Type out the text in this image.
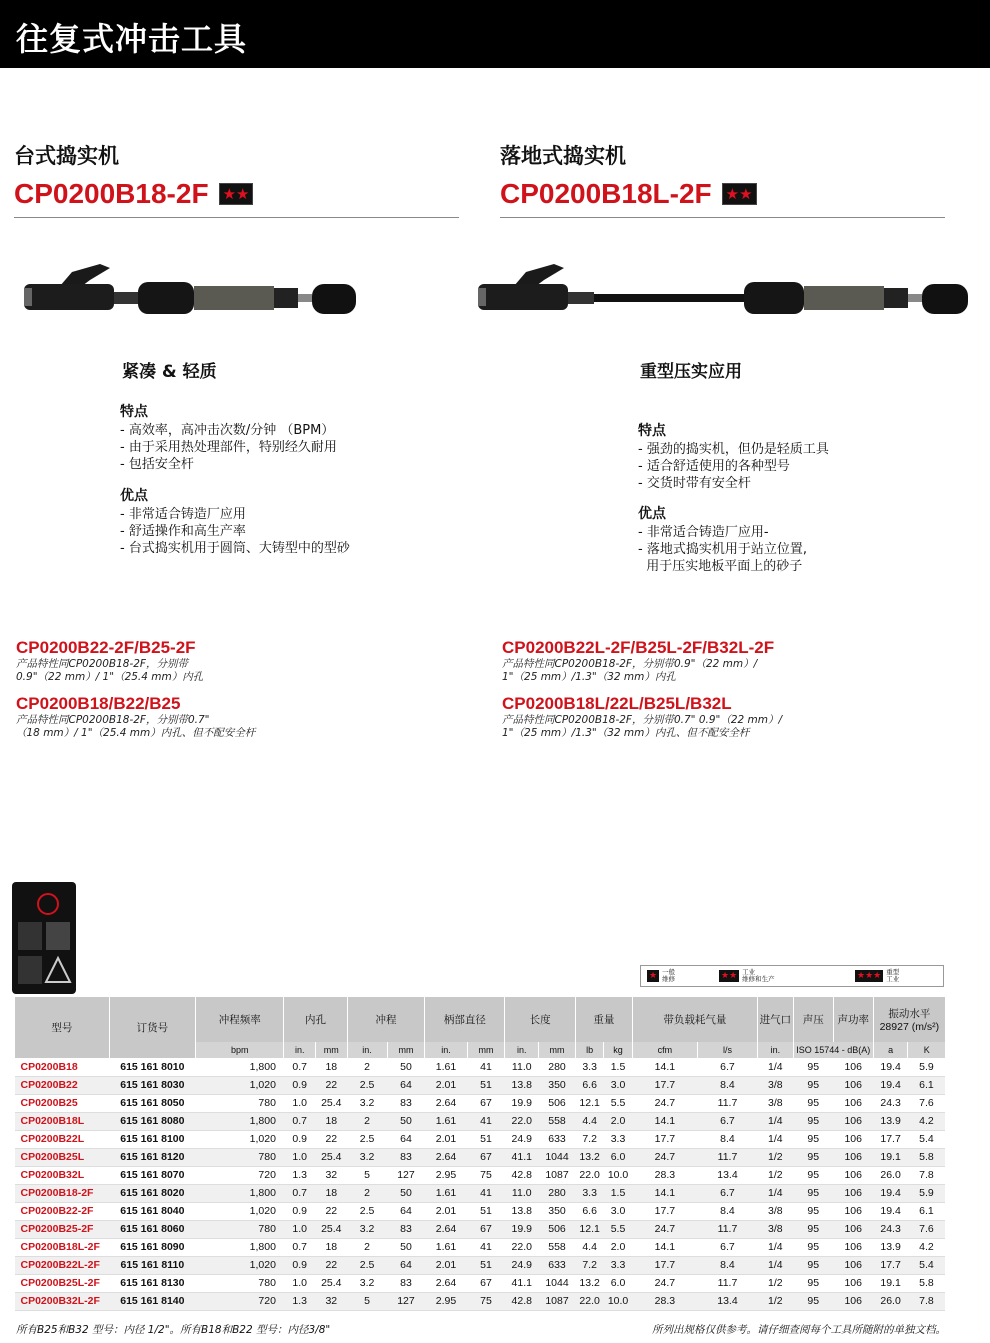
往复式冲击工具
台式捣实机
CP0200B18-2F ★ ★
紧凑 & 轻质
特点
- 高效率，高冲击次数/分钟 （BPM）
- 由于采用热处理部件，特别经久耐用
- 包括安全杆
优点
- 非常适合铸造厂应用
- 舒适操作和高生产率
- 台式捣实机用于圆筒、大铸型中的型砂
CP0200B22-2F/B25-2F
产品特性同CP0200B18-2F，分别带
0.9"（22 mm）/ 1"（25.4 mm）内孔
CP0200B18/B22/B25
产品特性同CP0200B18-2F，分别带0.7"
（18 mm）/ 1"（25.4 mm）内孔、但不配安全杆
落地式捣实机
CP0200B18L-2F ★ ★
重型压实应用
特点
- 强劲的捣实机，但仍是轻质工具
- 适合舒适使用的各种型号
- 交货时带有安全杆
优点
- 非常适合铸造厂应用-
- 落地式捣实机用于站立位置,
用于压实地板平面上的砂子
CP0200B22L-2F/B25L-2F/B32L-2F
产品特性同CP0200B18-2F，分别带0.9"（22 mm）/
1"（25 mm）/1.3"（32 mm）内孔
CP0200B18L/22L/B25L/B32L
产品特性同CP0200B18-2F，分别带0.7" 0.9"（22 mm）/
1"（25 mm）/1.3"（32 mm）内孔、但不配安全杆
★ 一般
维修	★ ★ 工业
维修和生产	★ ★ ★ 重型
工业
型号	订货号	冲程频率	内孔		冲程		柄部直径		长度		重量		带负载耗气量		进气口	声压	声功率	振动水平
28927 (m/s²)	
		bpm	in.	mm	in.	mm	in.	mm	in.	mm	lb	kg	cfm	l/s	in.	ISO 15744 - dB(A)		a	K
CP0200B18	615 161 8010	1,800	0.7	18	2	50	1.61	41	11.0	280	3.3	1.5	14.1	6.7	1/4	95	106	19.4	5.9
CP0200B22	615 161 8030	1,020	0.9	22	2.5	64	2.01	51	13.8	350	6.6	3.0	17.7	8.4	3/8	95	106	19.4	6.1
CP0200B25	615 161 8050	780	1.0	25.4	3.2	83	2.64	67	19.9	506	12.1	5.5	24.7	11.7	3/8	95	106	24.3	7.6
CP0200B18L	615 161 8080	1,800	0.7	18	2	50	1.61	41	22.0	558	4.4	2.0	14.1	6.7	1/4	95	106	13.9	4.2
CP0200B22L	615 161 8100	1,020	0.9	22	2.5	64	2.01	51	24.9	633	7.2	3.3	17.7	8.4	1/4	95	106	17.7	5.4
CP0200B25L	615 161 8120	780	1.0	25.4	3.2	83	2.64	67	41.1	1044	13.2	6.0	24.7	11.7	1/2	95	106	19.1	5.8
CP0200B32L	615 161 8070	720	1.3	32	5	127	2.95	75	42.8	1087	22.0	10.0	28.3	13.4	1/2	95	106	26.0	7.8
CP0200B18-2F	615 161 8020	1,800	0.7	18	2	50	1.61	41	11.0	280	3.3	1.5	14.1	6.7	1/4	95	106	19.4	5.9
CP0200B22-2F	615 161 8040	1,020	0.9	22	2.5	64	2.01	51	13.8	350	6.6	3.0	17.7	8.4	3/8	95	106	19.4	6.1
CP0200B25-2F	615 161 8060	780	1.0	25.4	3.2	83	2.64	67	19.9	506	12.1	5.5	24.7	11.7	3/8	95	106	24.3	7.6
CP0200B18L-2F	615 161 8090	1,800	0.7	18	2	50	1.61	41	22.0	558	4.4	2.0	14.1	6.7	1/4	95	106	13.9	4.2
CP0200B22L-2F	615 161 8110	1,020	0.9	22	2.5	64	2.01	51	24.9	633	7.2	3.3	17.7	8.4	1/4	95	106	17.7	5.4
CP0200B25L-2F	615 161 8130	780	1.0	25.4	3.2	83	2.64	67	41.1	1044	13.2	6.0	24.7	11.7	1/2	95	106	19.1	5.8
CP0200B32L-2F	615 161 8140	720	1.3	32	5	127	2.95	75	42.8	1087	22.0	10.0	28.3	13.4	1/2	95	106	26.0	7.8
所有B25和B32 型号：内径 1/2"。所有B18和B22 型号：内径3/8"	所列出规格仅供参考。请仔细查阅每个工具所随附的单独文档。
